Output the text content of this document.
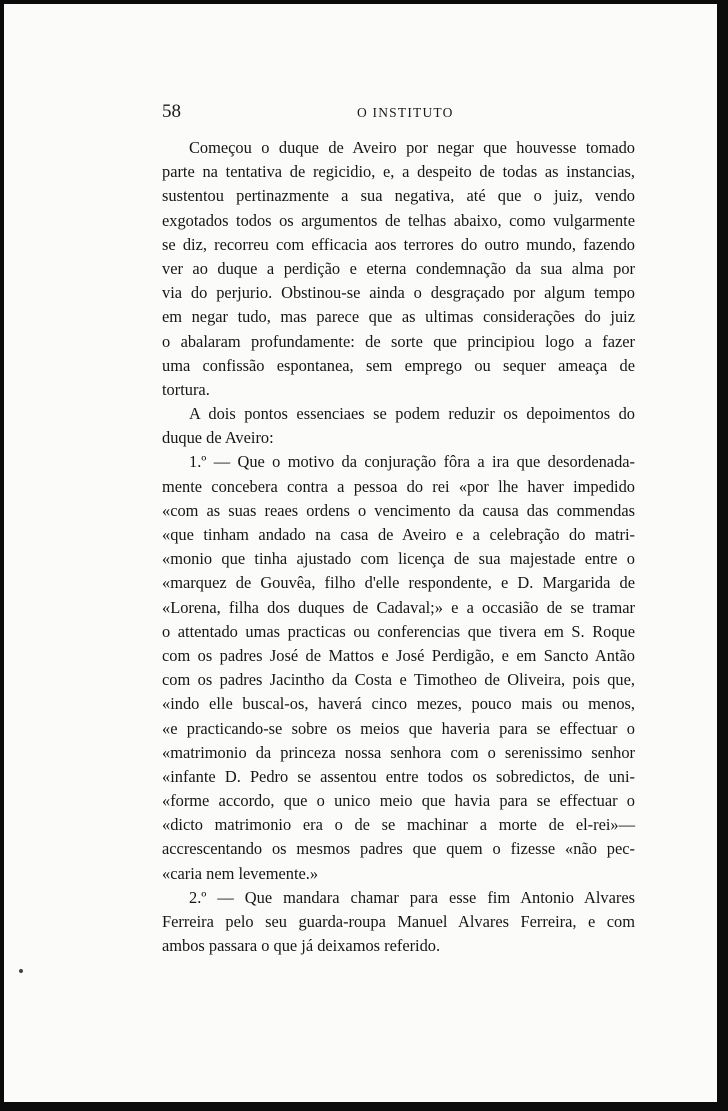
58	O INSTITUTO
Começou o duque de Aveiro por negar que houvesse tomado
parte na tentativa de regicidio, e, a despeito de todas as instancias,
sustentou pertinazmente a sua negativa, até que o juiz, vendo
exgotados todos os argumentos de telhas abaixo, como vulgarmente
se diz, recorreu com efficacia aos terrores do outro mundo, fazendo
ver ao duque a perdição e eterna condemnação da sua alma por
via do perjurio. Obstinou-se ainda o desgraçado por algum tempo
em negar tudo, mas parece que as ultimas considerações do juiz
o abalaram profundamente: de sorte que principiou logo a fazer
uma confissão espontanea, sem emprego ou sequer ameaça de
tortura.
A dois pontos essenciaes se podem reduzir os depoimentos do
duque de Aveiro:
1.º — Que o motivo da conjuração fôra a ira que desordenada-
mente concebera contra a pessoa do rei «por lhe haver impedido
«com as suas reaes ordens o vencimento da causa das commendas
«que tinham andado na casa de Aveiro e a celebração do matri-
«monio que tinha ajustado com licença de sua majestade entre o
«marquez de Gouvêa, filho d'elle respondente, e D. Margarida de
«Lorena, filha dos duques de Cadaval;» e a occasião de se tramar
o attentado umas practicas ou conferencias que tivera em S. Roque
com os padres José de Mattos e José Perdigão, e em Sancto Antão
com os padres Jacintho da Costa e Timotheo de Oliveira, pois que,
«indo elle buscal-os, haverá cinco mezes, pouco mais ou menos,
«e practicando-se sobre os meios que haveria para se effectuar o
«matrimonio da princeza nossa senhora com o serenissimo senhor
«infante D. Pedro se assentou entre todos os sobredictos, de uni-
«forme accordo, que o unico meio que havia para se effectuar o
«dicto matrimonio era o de se machinar a morte de el-rei»—
accrescentando os mesmos padres que quem o fizesse «não pec-
«caria nem levemente.»
2.º — Que mandara chamar para esse fim Antonio Alvares
Ferreira pelo seu guarda-roupa Manuel Alvares Ferreira, e com
ambos passara o que já deixamos referido.
